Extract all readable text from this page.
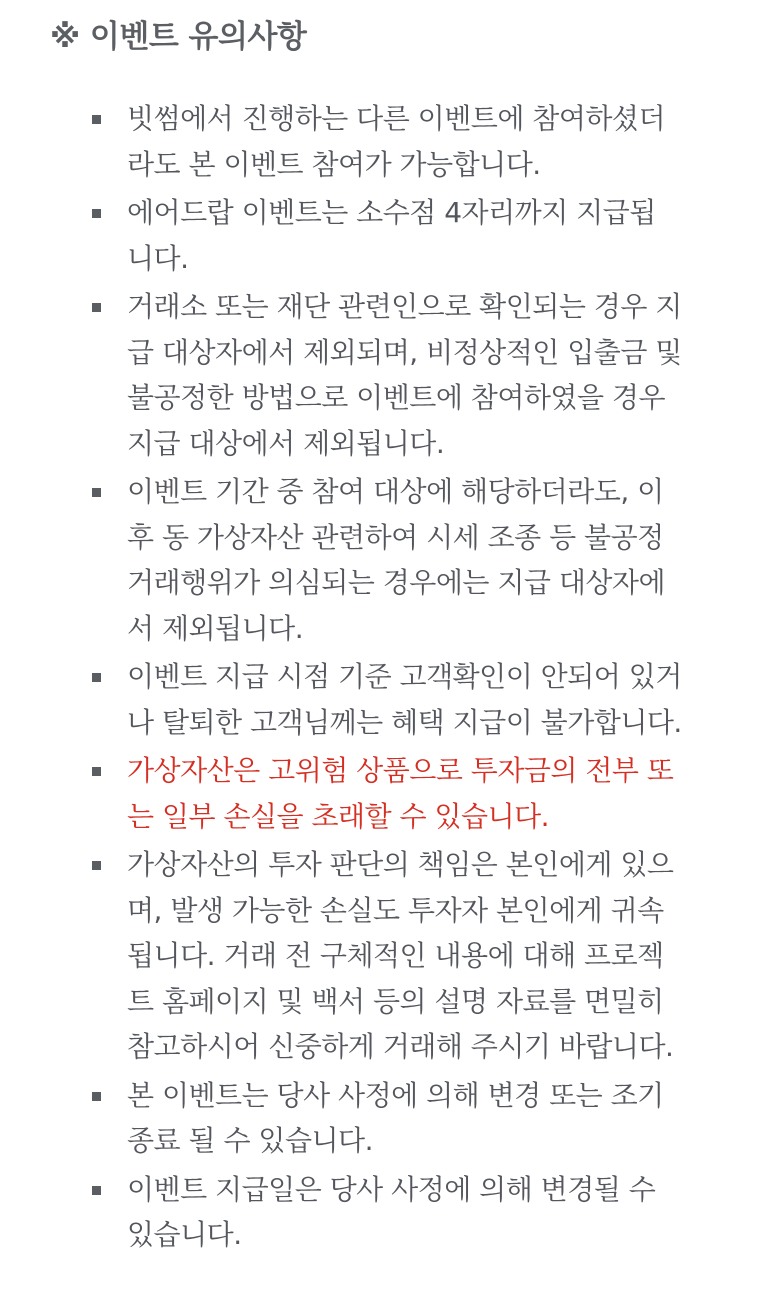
※ 이벤트 유의사항
빗썸에서 진행하는 다른 이벤트에 참여하셨더
라도 본 이벤트 참여가 가능합니다.
에어드랍 이벤트는 소수점 4자리까지 지급됩
니다.
거래소 또는 재단 관련인으로 확인되는 경우 지
급 대상자에서 제외되며, 비정상적인 입출금 및
불공정한 방법으로 이벤트에 참여하였을 경우
지급 대상에서 제외됩니다.
이벤트 기간 중 참여 대상에 해당하더라도, 이
후 동 가상자산 관련하여 시세 조종 등 불공정
거래행위가 의심되는 경우에는 지급 대상자에
서 제외됩니다.
이벤트 지급 시점 기준 고객확인이 안되어 있거
나 탈퇴한 고객님께는 혜택 지급이 불가합니다.
가상자산은 고위험 상품으로 투자금의 전부 또
는 일부 손실을 초래할 수 있습니다.
가상자산의 투자 판단의 책임은 본인에게 있으
며, 발생 가능한 손실도 투자자 본인에게 귀속
됩니다. 거래 전 구체적인 내용에 대해 프로젝
트 홈페이지 및 백서 등의 설명 자료를 면밀히
참고하시어 신중하게 거래해 주시기 바랍니다.
본 이벤트는 당사 사정에 의해 변경 또는 조기
종료 될 수 있습니다.
이벤트 지급일은 당사 사정에 의해 변경될 수
있습니다.
